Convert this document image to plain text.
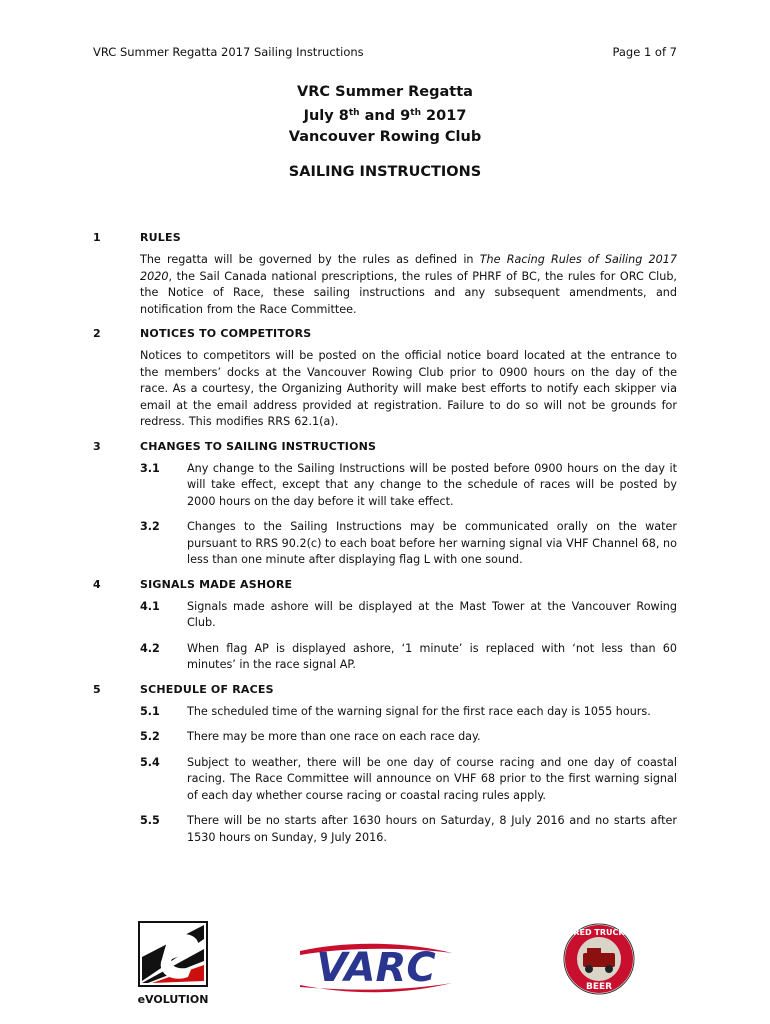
VRC Summer Regatta 2017 Sailing Instructions	Page 1 of 7
VRC Summer Regatta
July 8th and 9th 2017
Vancouver Rowing Club
SAILING INSTRUCTIONS
1	RULES
The regatta will be governed by the rules as defined in The Racing Rules of Sailing 2017 2020, the Sail Canada national prescriptions, the rules of PHRF of BC, the rules for ORC Club, the Notice of Race, these sailing instructions and any subsequent amendments, and notification from the Race Committee.
2	NOTICES TO COMPETITORS
Notices to competitors will be posted on the official notice board located at the entrance to the members’ docks at the Vancouver Rowing Club prior to 0900 hours on the day of the race. As a courtesy, the Organizing Authority will make best efforts to notify each skipper via email at the email address provided at registration. Failure to do so will not be grounds for redress. This modifies RRS 62.1(a).
3	CHANGES TO SAILING INSTRUCTIONS
3.1 Any change to the Sailing Instructions will be posted before 0900 hours on the day it will take effect, except that any change to the schedule of races will be posted by 2000 hours on the day before it will take effect.
3.2 Changes to the Sailing Instructions may be communicated orally on the water pursuant to RRS 90.2(c) to each boat before her warning signal via VHF Channel 68, no less than one minute after displaying flag L with one sound.
4	SIGNALS MADE ASHORE
4.1 Signals made ashore will be displayed at the Mast Tower at the Vancouver Rowing Club.
4.2 When flag AP is displayed ashore, ‘1 minute’ is replaced with ‘not less than 60 minutes’ in the race signal AP.
5	SCHEDULE OF RACES
5.1 The scheduled time of the warning signal for the first race each day is 1055 hours.
5.2 There may be more than one race on each race day.
5.4 Subject to weather, there will be one day of course racing and one day of coastal racing. The Race Committee will announce on VHF 68 prior to the first warning signal of each day whether course racing or coastal racing rules apply.
5.5 There will be no starts after 1630 hours on Saturday, 8 July 2016 and no starts after 1530 hours on Sunday, 9 July 2016.
eVOLUTION
VARC
RED TRUCK
BEER
